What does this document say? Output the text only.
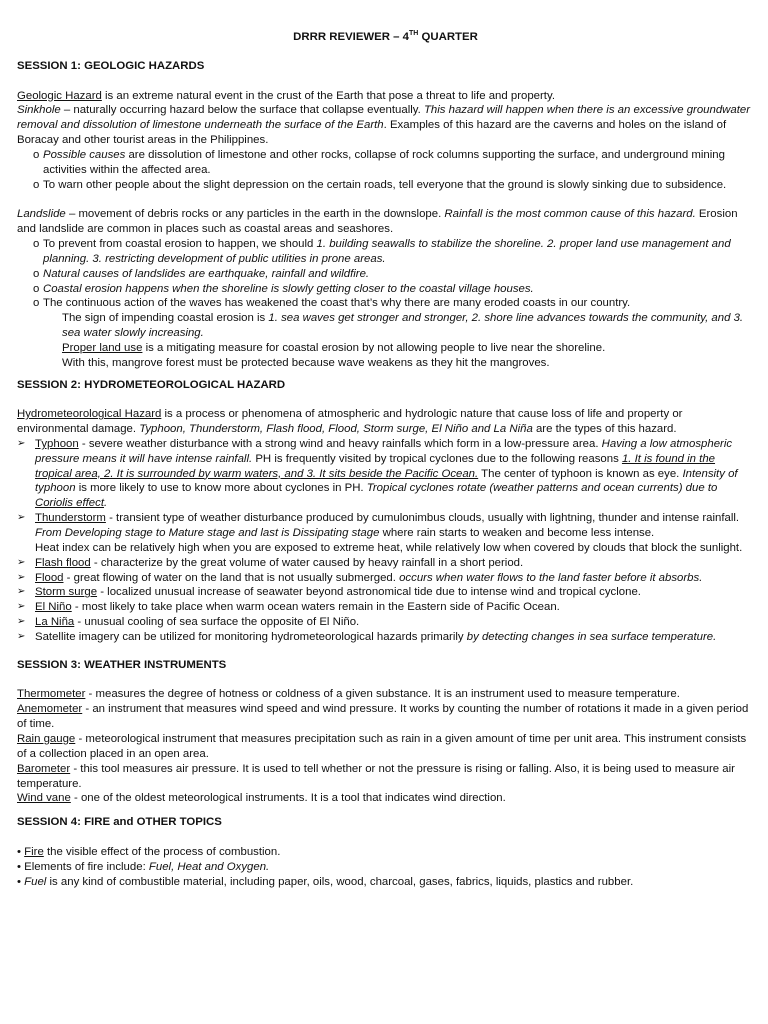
DRRR REVIEWER – 4TH QUARTER
SESSION 1: GEOLOGIC HAZARDS

Geologic Hazard is an extreme natural event in the crust of the Earth that pose a threat to life and property.

Sinkhole – naturally occurring hazard below the surface that collapse eventually. This hazard will happen when there is an excessive groundwater removal and dissolution of limestone underneath the surface of the Earth. Examples of this hazard are the caverns and holes on the island of Boracay and other tourist areas in the Philippines.

o Possible causes are dissolution of limestone and other rocks, collapse of rock columns supporting the surface, and underground mining activities within the affected area.
o To warn other people about the slight depression on the certain roads, tell everyone that the ground is slowly sinking due to subsidence.

Landslide – movement of debris rocks or any particles in the earth in the downslope. Rainfall is the most common cause of this hazard. Erosion and landslide are common in places such as coastal areas and seashores.

o To prevent from coastal erosion to happen, we should 1. building seawalls to stabilize the shoreline. 2. proper land use management and planning. 3. restricting development of public utilities in prone areas.
o Natural causes of landslides are earthquake, rainfall and wildfire.
o Coastal erosion happens when the shoreline is slowly getting closer to the coastal village houses.
o The continuous action of the waves has weakened the coast that’s why there are many eroded coasts in our country.

The sign of impending coastal erosion is 1. sea waves get stronger and stronger, 2. shore line advances towards the community, and 3. sea water slowly increasing.

Proper land use is a mitigating measure for coastal erosion by not allowing people to live near the shoreline.

With this, mangrove forest must be protected because wave weakens as they hit the mangroves.

SESSION 2: HYDROMETEOROLOGICAL HAZARD

Hydrometeorological Hazard is a process or phenomena of atmospheric and hydrologic nature that cause loss of life and property or environmental damage. Typhoon, Thunderstorm, Flash flood, Flood, Storm surge, El Niño and La Niña are the types of this hazard.

➢ Typhoon - severe weather disturbance with a strong wind and heavy rainfalls which form in a low-pressure area. Having a low atmospheric pressure means it will have intense rainfall. PH is frequently visited by tropical cyclones due to the following reasons 1. It is found in the tropical area, 2. It is surrounded by warm waters, and 3. It sits beside the Pacific Ocean. The center of typhoon is known as eye. Intensity of typhoon is more likely to use to know more about cyclones in PH. Tropical cyclones rotate (weather patterns and ocean currents) due to Coriolis effect.
➢ Thunderstorm - transient type of weather disturbance produced by cumulonimbus clouds, usually with lightning, thunder and intense rainfall. From Developing stage to Mature stage and last is Dissipating stage where rain starts to weaken and become less intense.
Heat index can be relatively high when you are exposed to extreme heat, while relatively low when covered by clouds that block the sunlight.
➢ Flash flood - characterize by the great volume of water caused by heavy rainfall in a short period.
➢ Flood - great flowing of water on the land that is not usually submerged. occurs when water flows to the land faster before it absorbs.
➢ Storm surge - localized unusual increase of seawater beyond astronomical tide due to intense wind and tropical cyclone.
➢ El Niño - most likely to take place when warm ocean waters remain in the Eastern side of Pacific Ocean.
➢ La Niña - unusual cooling of sea surface the opposite of El Niño.
➢ Satellite imagery can be utilized for monitoring hydrometeorological hazards primarily by detecting changes in sea surface temperature.
SESSION 3: WEATHER INSTRUMENTS

Thermometer - measures the degree of hotness or coldness of a given substance. It is an instrument used to measure temperature.

Anemometer - an instrument that measures wind speed and wind pressure. It works by counting the number of rotations it made in a given period of time.

Rain gauge - meteorological instrument that measures precipitation such as rain in a given amount of time per unit area. This instrument consists of a collection placed in an open area.

Barometer - this tool measures air pressure. It is used to tell whether or not the pressure is rising or falling. Also, it is being used to measure air temperature.

Wind vane - one of the oldest meteorological instruments. It is a tool that indicates wind direction.

SESSION 4: FIRE and OTHER TOPICS

• Fire the visible effect of the process of combustion.

• Elements of fire include: Fuel, Heat and Oxygen.

• Fuel is any kind of combustible material, including paper, oils, wood, charcoal, gases, fabrics, liquids, plastics and rubber.
